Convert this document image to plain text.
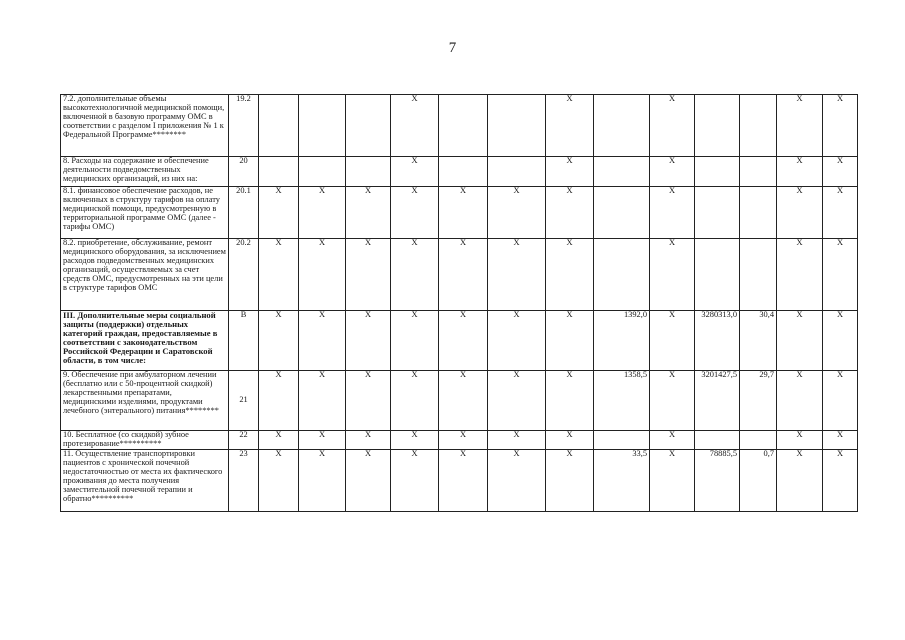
7
7.2. дополнительные объемы высокотехнологичной медицинской помощи, включенной в базовую программу ОМС в соответствии с разделом I приложения № 1 к Федеральной Программе********	19.2				X			X		X			X	X
8. Расходы на содержание и обеспечение деятельности подведомственных медицинских организаций, из них на:	20				X			X		X			X	X
8.1. финансовое обеспечение расходов, не включенных в структуру тарифов на оплату медицинской помощи, предусмотренную в территориальной программе ОМС (далее - тарифы ОМС)	20.1	X	X	X	X	X	X	X		X			X	X
8.2. приобретение, обслуживание, ремонт медицинского оборудования, за исключением расходов подведомственных медицинских организаций, осуществляемых за счет средств ОМС, предусмотренных на эти цели в структуре тарифов ОМС	20.2	X	X	X	X	X	X	X		X			X	X
III. Дополнительные меры социальной защиты (поддержки) отдельных категорий граждан, предоставляемые в соответствии с законодательством Российской Федерации и Саратовской области, в том числе:	В	X	X	X	X	X	X	X	1392,0	X	3280313,0	30,4	X	X
9. Обеспечение при амбулаторном лечении (бесплатно или с 50-процентной скидкой) лекарственными препаратами, медицинскими изделиями, продуктами лечебного (энтерального) питания********	21	X	X	X	X	X	X	X	1358,5	X	3201427,5	29,7	X	X
10. Бесплатное (со скидкой) зубное протезирование**********	22	X	X	X	X	X	X	X		X			X	X
11. Осуществление транспортировки пациентов с хронической почечной недостаточностью от места их фактического проживания до места получения заместительной почечной терапии и обратно**********	23	X	X	X	X	X	X	X	33,5	X	78885,5	0,7	X	X
